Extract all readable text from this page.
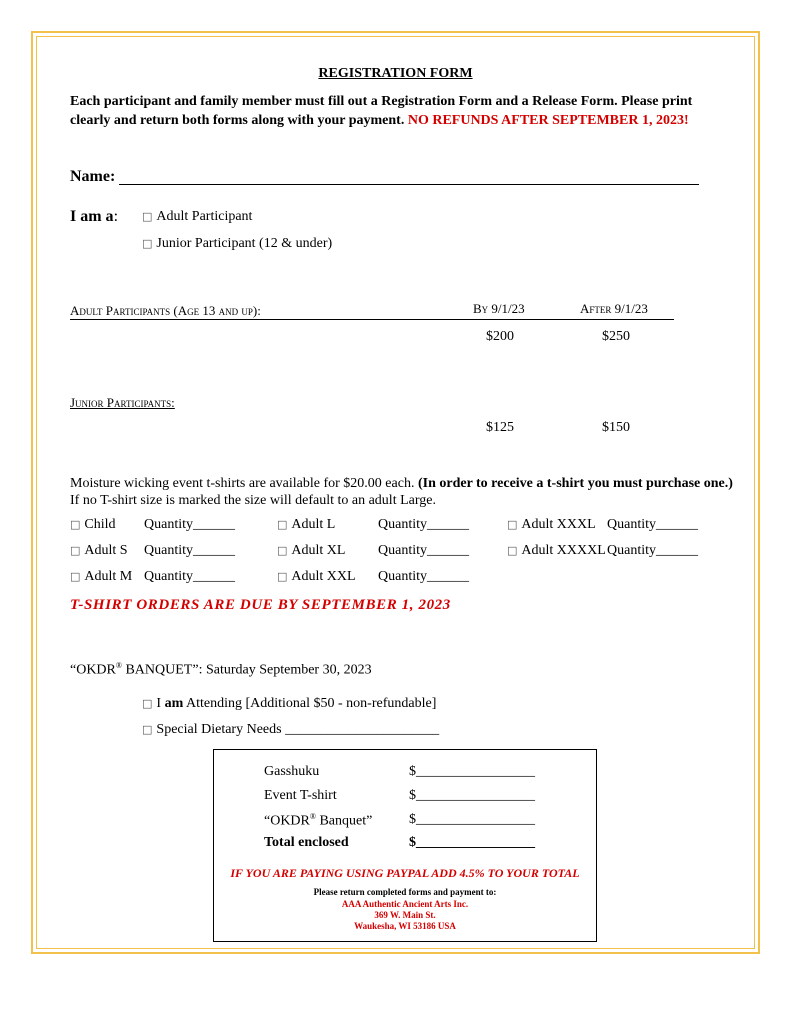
REGISTRATION FORM
Each participant and family member must fill out a Registration Form and a Release Form. Please print clearly and return both forms along with your payment. NO REFUNDS AFTER SEPTEMBER 1, 2023!
Name:
I am a: □ Adult Participant
□ Junior Participant (12 & under)
Adult Participants (Age 13 and up):	By 9/1/23	After 9/1/23
$200	$250
Junior Participants:
$125	$150
Moisture wicking event t-shirts are available for $20.00 each. (In order to receive a t-shirt you must purchase one.)
If no T-shirt size is marked the size will default to an adult Large.
□ Child Quantity______	□ Adult L	Quantity______	□ Adult XXXL Quantity______
□ Adult S Quantity______	□ Adult XL Quantity______	□ Adult XXXXL Quantity______
□ Adult M Quantity______	□ Adult XXL Quantity______
T-SHIRT ORDERS ARE DUE BY SEPTEMBER 1, 2023
“OKDR® BANQUET”: Saturday September 30, 2023
□ I am Attending [Additional $50 - non-refundable]
□ Special Dietary Needs ______________________
Gasshuku	$_________________
Event T-shirt	$_________________
“OKDR® Banquet”	$_________________
Total enclosed	$_________________
IF YOU ARE PAYING USING PAYPAL ADD 4.5% TO YOUR TOTAL
Please return completed forms and payment to:
AAA Authentic Ancient Arts Inc.
369 W. Main St.
Waukesha, WI 53186 USA
